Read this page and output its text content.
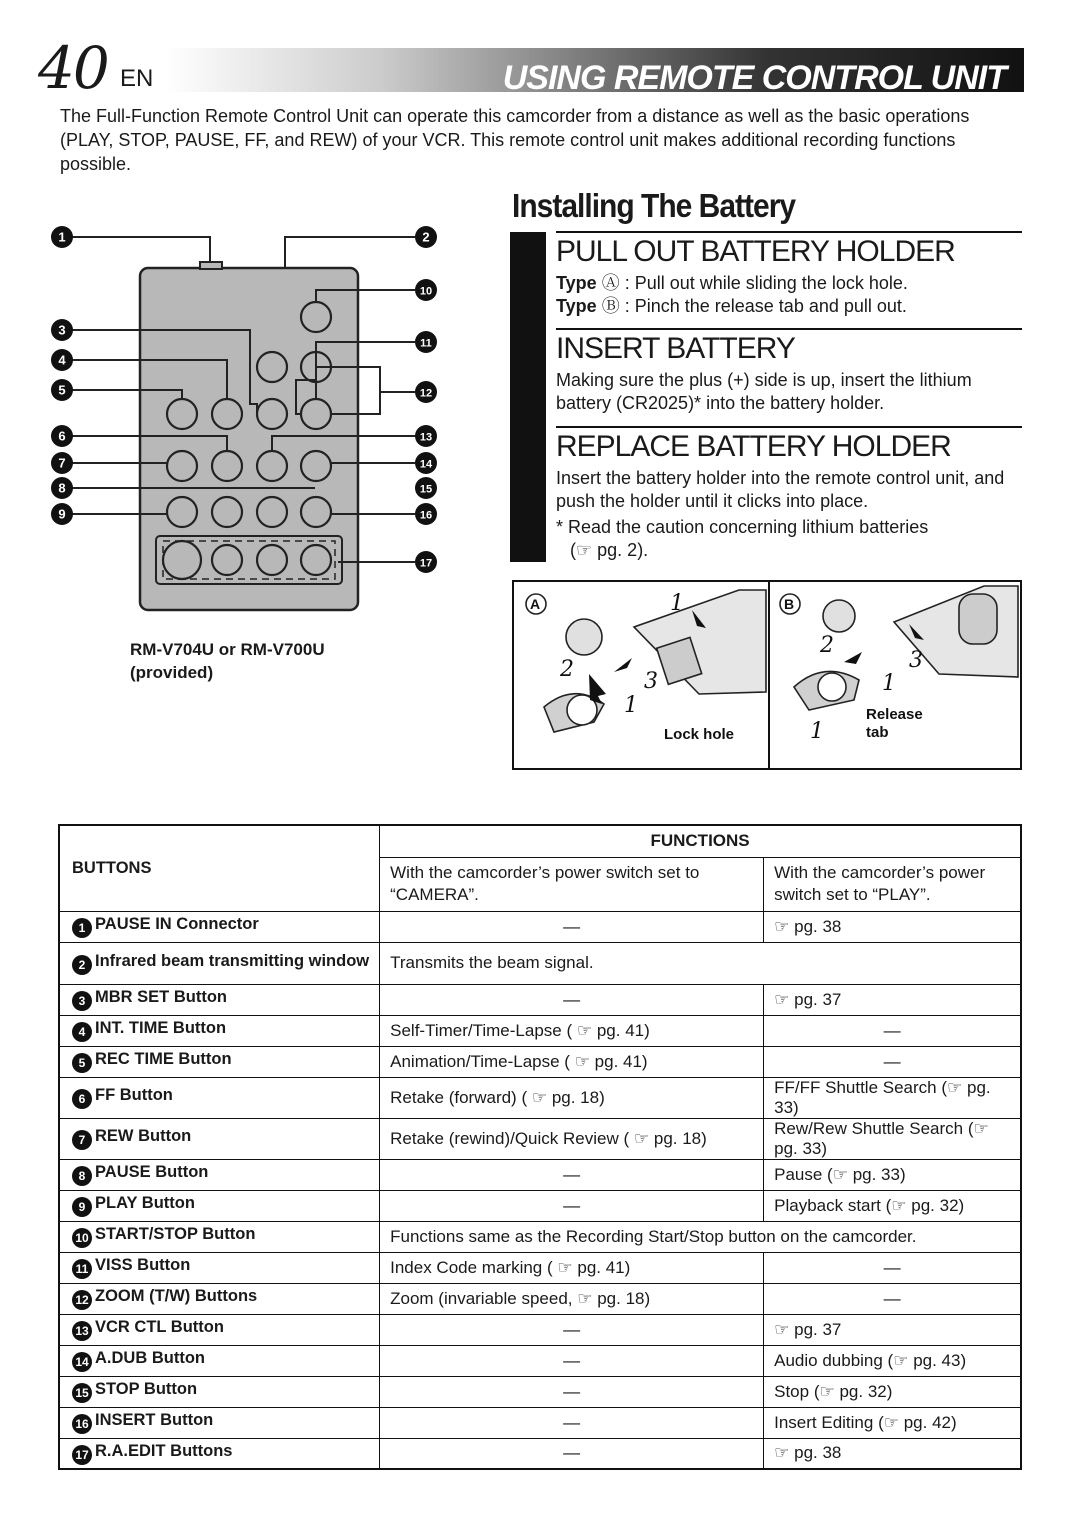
40 EN	USING REMOTE CONTROL UNIT

The Full-Function Remote Control Unit can operate this camcorder from a distance as well as the basic operations (PLAY, STOP, PAUSE, FF, and REW) of your VCR. This remote control unit makes additional recording functions possible.

1	2
3
4
5
6
7
8
9
10
11
12
13
14
15
16
17
RM-V704U or RM-V700U
(provided)
Installing The Battery
1
2
3
PULL OUT BATTERY HOLDER
Type Ⓐ : Pull out while sliding the lock hole.
Type Ⓑ : Pinch the release tab and pull out.
INSERT BATTERY
Making sure the plus (+) side is up, insert the lithium battery (CR2025)* into the battery holder.
REPLACE BATTERY HOLDER
Insert the battery holder into the remote control unit, and push the holder until it clicks into place.
* Read the caution concerning lithium batteries
(☞ pg. 2).
A	B
Lock hole
Release
tab
1
2	3
1
2
3
1
1
BUTTONS	FUNCTIONS	
	With the camcorder’s power switch set to “CAMERA”.	With the camcorder’s power switch set to “PLAY”.
1 PAUSE IN Connector	—	☞ pg. 38
2 Infrared beam transmitting window	Transmits the beam signal.	
3 MBR SET Button	—	☞ pg. 37
4 INT. TIME Button	Self-Timer/Time-Lapse ( ☞ pg. 41)	—
5 REC TIME Button	Animation/Time-Lapse ( ☞ pg. 41)	—
6 FF Button	Retake (forward) ( ☞ pg. 18)	FF/FF Shuttle Search (☞ pg. 33)
7 REW Button	Retake (rewind)/Quick Review ( ☞ pg. 18)	Rew/Rew Shuttle Search (☞ pg. 33)
8 PAUSE Button	—	Pause (☞ pg. 33)
9 PLAY Button	—	Playback start (☞ pg. 32)
10 START/STOP Button	Functions same as the Recording Start/Stop button on the camcorder.	
11 VISS Button	Index Code marking ( ☞ pg. 41)	—
12 ZOOM (T/W) Buttons	Zoom (invariable speed, ☞ pg. 18)	—
13 VCR CTL Button	—	☞ pg. 37
14 A.DUB Button	—	Audio dubbing (☞ pg. 43)
15 STOP Button	—	Stop (☞ pg. 32)
16 INSERT Button	—	Insert Editing (☞ pg. 42)
17 R.A.EDIT Buttons	—	☞ pg. 38
